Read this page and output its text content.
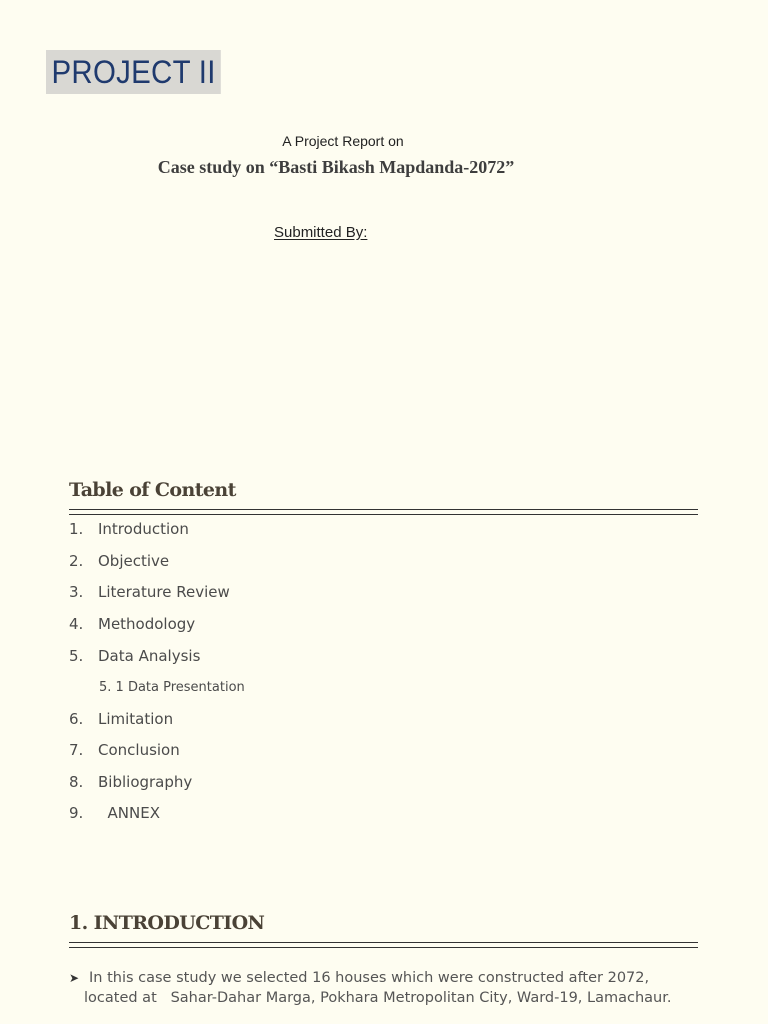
PROJECT II
A Project Report on
Case study on “Basti Bikash Mapdanda-2072”
Submitted By:
Table of Content
1. Introduction
2. Objective
3. Literature Review
4. Methodology
5. Data Analysis
5. 1 Data Presentation
6. Limitation
7. Conclusion
8. Bibliography
9.  ANNEX
1. INTRODUCTION
➤ In this case study we selected 16 houses which were constructed after 2072,
located at   Sahar-Dahar Marga, Pokhara Metropolitan City, Ward-19, Lamachaur.
